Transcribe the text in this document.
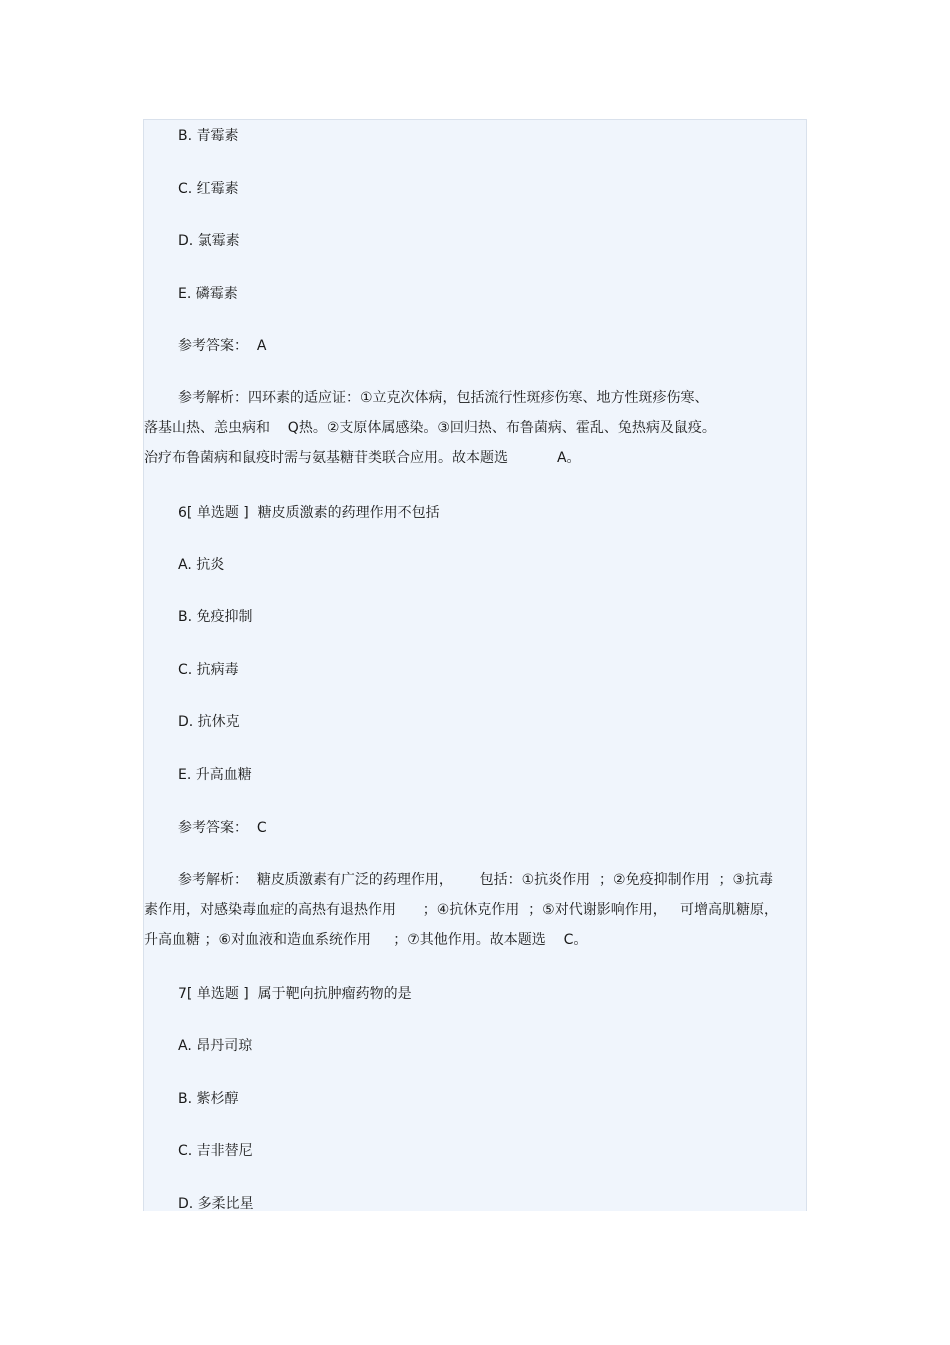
B. 青霉素
C. 红霉素
D. 氯霉素
E. 磷霉素
参考答案：  A
参考解析：四环素的适应证：①立克次体病，包括流行性斑疹伤寒、地方性斑疹伤寒、
落基山热、恙虫病和    Q热。②支原体属感染。③回归热、布鲁菌病、霍乱、兔热病及鼠疫。
治疗布鲁菌病和鼠疫时需与氨基糖苷类联合应用。故本题选           A。
6[ 单选题 ]  糖皮质激素的药理作用不包括
A. 抗炎
B. 免疫抑制
C. 抗病毒
D. 抗休克
E. 升高血糖
参考答案：  C
参考解析：  糖皮质激素有广泛的药理作用，      包括：①抗炎作用  ；②免疫抑制作用  ；③抗毒
素作用，对感染毒血症的高热有退热作用      ；④抗休克作用  ；⑤对代谢影响作用，   可增高肌糖原，
升高血糖 ；⑥对血液和造血系统作用     ；⑦其他作用。故本题选    C。
7[ 单选题 ]  属于靶向抗肿瘤药物的是
A. 昂丹司琼
B. 紫杉醇
C. 吉非替尼
D. 多柔比星
